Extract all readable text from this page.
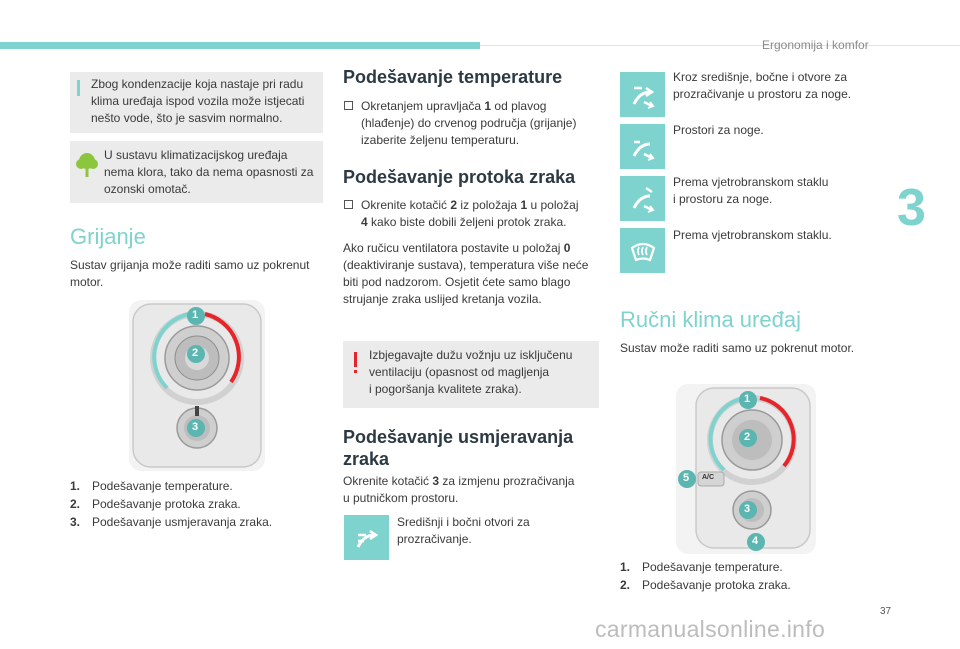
Ergonomija i komfor
3
Zbog kondenzacije koja nastaje pri radu
klima uređaja ispod vozila može istjecati
nešto vode, što je sasvim normalno.
U sustavu klimatizacijskog uređaja
nema klora, tako da nema opasnosti za
ozonski omotač.
Grijanje
Sustav grijanja može raditi samo uz pokrenut
motor.
1
2
3
1. Podešavanje temperature.
2. Podešavanje protoka zraka.
3. Podešavanje usmjeravanja zraka.
Podešavanje temperature
Okretanjem upravljača 1 od plavog
(hlađenje) do crvenog područja (grijanje)
izaberite željenu temperaturu.
Podešavanje protoka zraka
Okrenite kotačić 2 iz položaja 1 u položaj
4 kako biste dobili željeni protok zraka.
Ako ručicu ventilatora postavite u položaj 0
(deaktiviranje sustava), temperatura više neće
biti pod nadzorom. Osjetit ćete samo blago
strujanje zraka uslijed kretanja vozila.
Izbjegavajte dužu vožnju uz isključenu
ventilaciju (opasnost od magljenja
i pogoršanja kvalitete zraka).
Podešavanje usmjeravanja
zraka
Okrenite kotačić 3 za izmjenu prozračivanja
u putničkom prostoru.
Središnji i bočni otvori za
prozračivanje.
Kroz središnje, bočne i otvore za
prozračivanje u prostoru za noge.
Prostori za noge.
Prema vjetrobranskom staklu
i prostoru za noge.
Prema vjetrobranskom staklu.
Ručni klima uređaj
Sustav može raditi samo uz pokrenut motor.
1
2
3
4
5 A/C
1. Podešavanje temperature.
2. Podešavanje protoka zraka.
37
carmanualsonline.info
